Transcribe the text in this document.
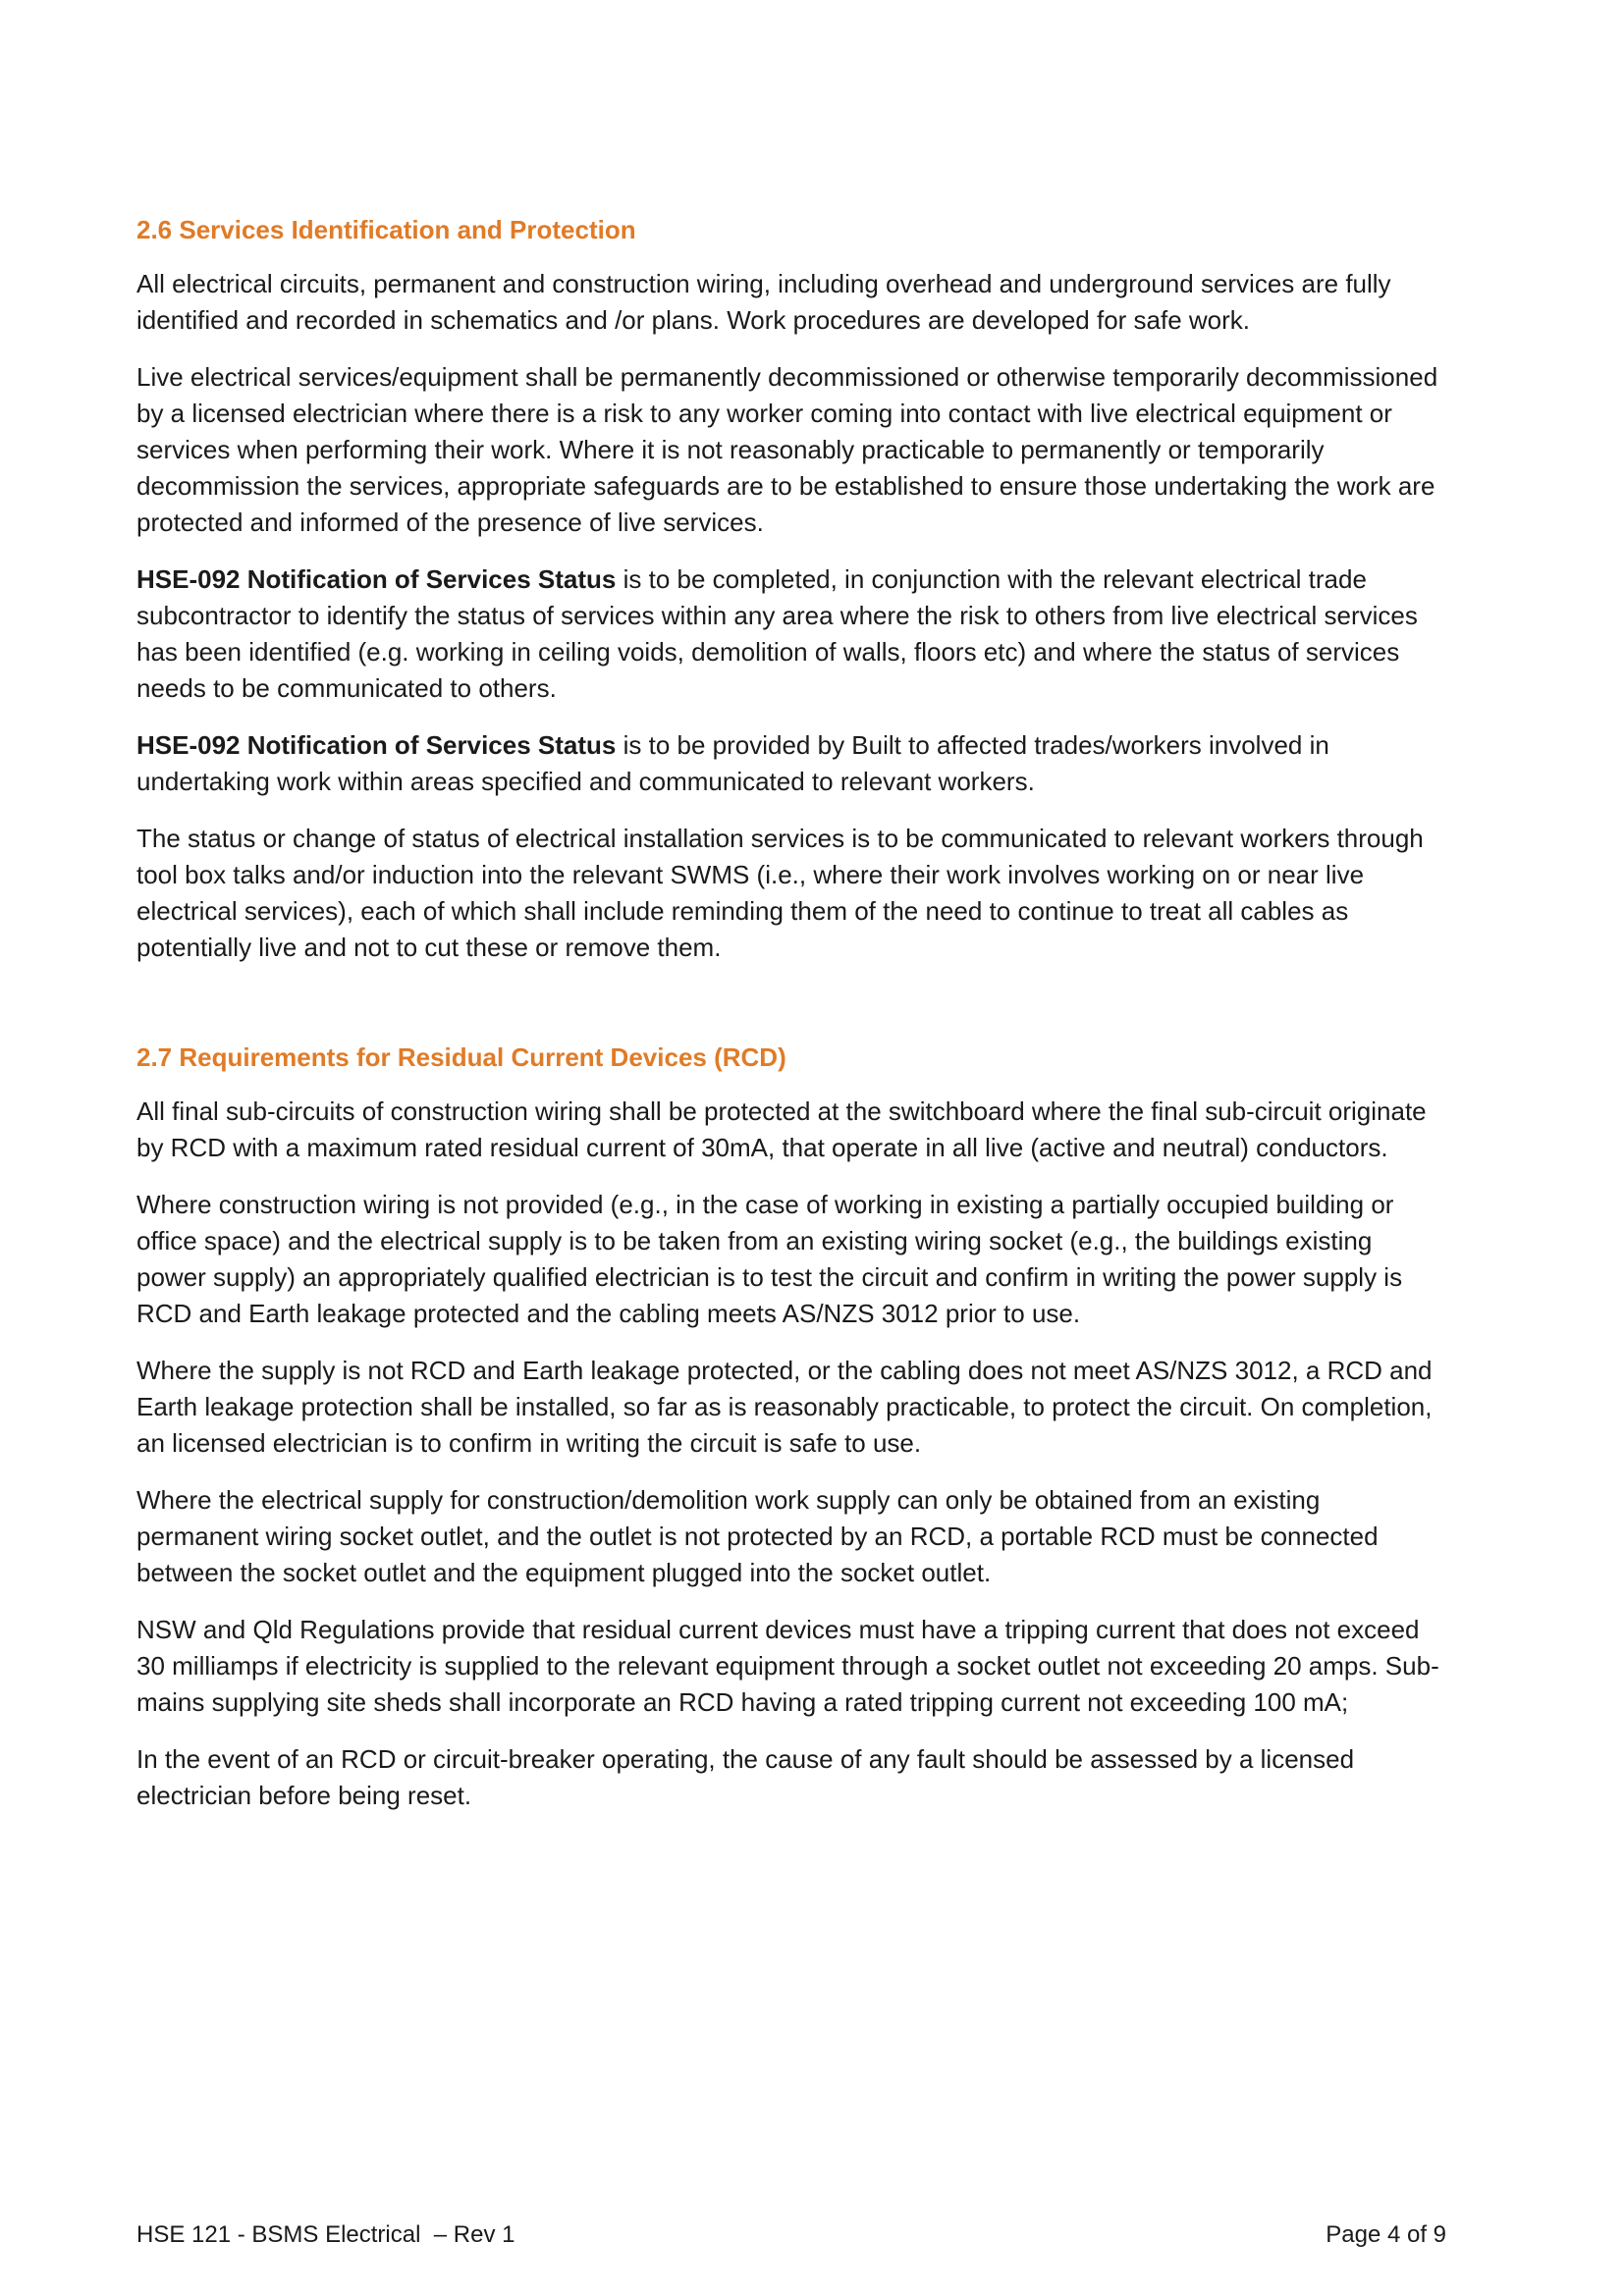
2.6 Services Identification and Protection

All electrical circuits, permanent and construction wiring, including overhead and underground services are fully identified and recorded in schematics and /or plans. Work procedures are developed for safe work.

Live electrical services/equipment shall be permanently decommissioned or otherwise temporarily decommissioned by a licensed electrician where there is a risk to any worker coming into contact with live electrical equipment or services when performing their work. Where it is not reasonably practicable to permanently or temporarily decommission the services, appropriate safeguards are to be established to ensure those undertaking the work are protected and informed of the presence of live services.

HSE-092 Notification of Services Status is to be completed, in conjunction with the relevant electrical trade subcontractor to identify the status of services within any area where the risk to others from live electrical services has been identified (e.g. working in ceiling voids, demolition of walls, floors etc) and where the status of services needs to be communicated to others.

HSE-092 Notification of Services Status is to be provided by Built to affected trades/workers involved in undertaking work within areas specified and communicated to relevant workers.

The status or change of status of electrical installation services is to be communicated to relevant workers through tool box talks and/or induction into the relevant SWMS (i.e., where their work involves working on or near live electrical services), each of which shall include reminding them of the need to continue to treat all cables as potentially live and not to cut these or remove them.

2.7 Requirements for Residual Current Devices (RCD)

All final sub-circuits of construction wiring shall be protected at the switchboard where the final sub-circuit originate by RCD with a maximum rated residual current of 30mA, that operate in all live (active and neutral) conductors.

Where construction wiring is not provided (e.g., in the case of working in existing a partially occupied building or office space) and the electrical supply is to be taken from an existing wiring socket (e.g., the buildings existing power supply) an appropriately qualified electrician is to test the circuit and confirm in writing the power supply is RCD and Earth leakage protected and the cabling meets AS/NZS 3012 prior to use.

Where the supply is not RCD and Earth leakage protected, or the cabling does not meet AS/NZS 3012, a RCD and Earth leakage protection shall be installed, so far as is reasonably practicable, to protect the circuit. On completion, an licensed electrician is to confirm in writing the circuit is safe to use.

Where the electrical supply for construction/demolition work supply can only be obtained from an existing permanent wiring socket outlet, and the outlet is not protected by an RCD, a portable RCD must be connected between the socket outlet and the equipment plugged into the socket outlet.

NSW and Qld Regulations provide that residual current devices must have a tripping current that does not exceed 30 milliamps if electricity is supplied to the relevant equipment through a socket outlet not exceeding 20 amps. Sub-mains supplying site sheds shall incorporate an RCD having a rated tripping current not exceeding 100 mA;

In the event of an RCD or circuit-breaker operating, the cause of any fault should be assessed by a licensed electrician before being reset.

HSE 121 - BSMS Electrical  – Rev 1	Page 4 of 9
